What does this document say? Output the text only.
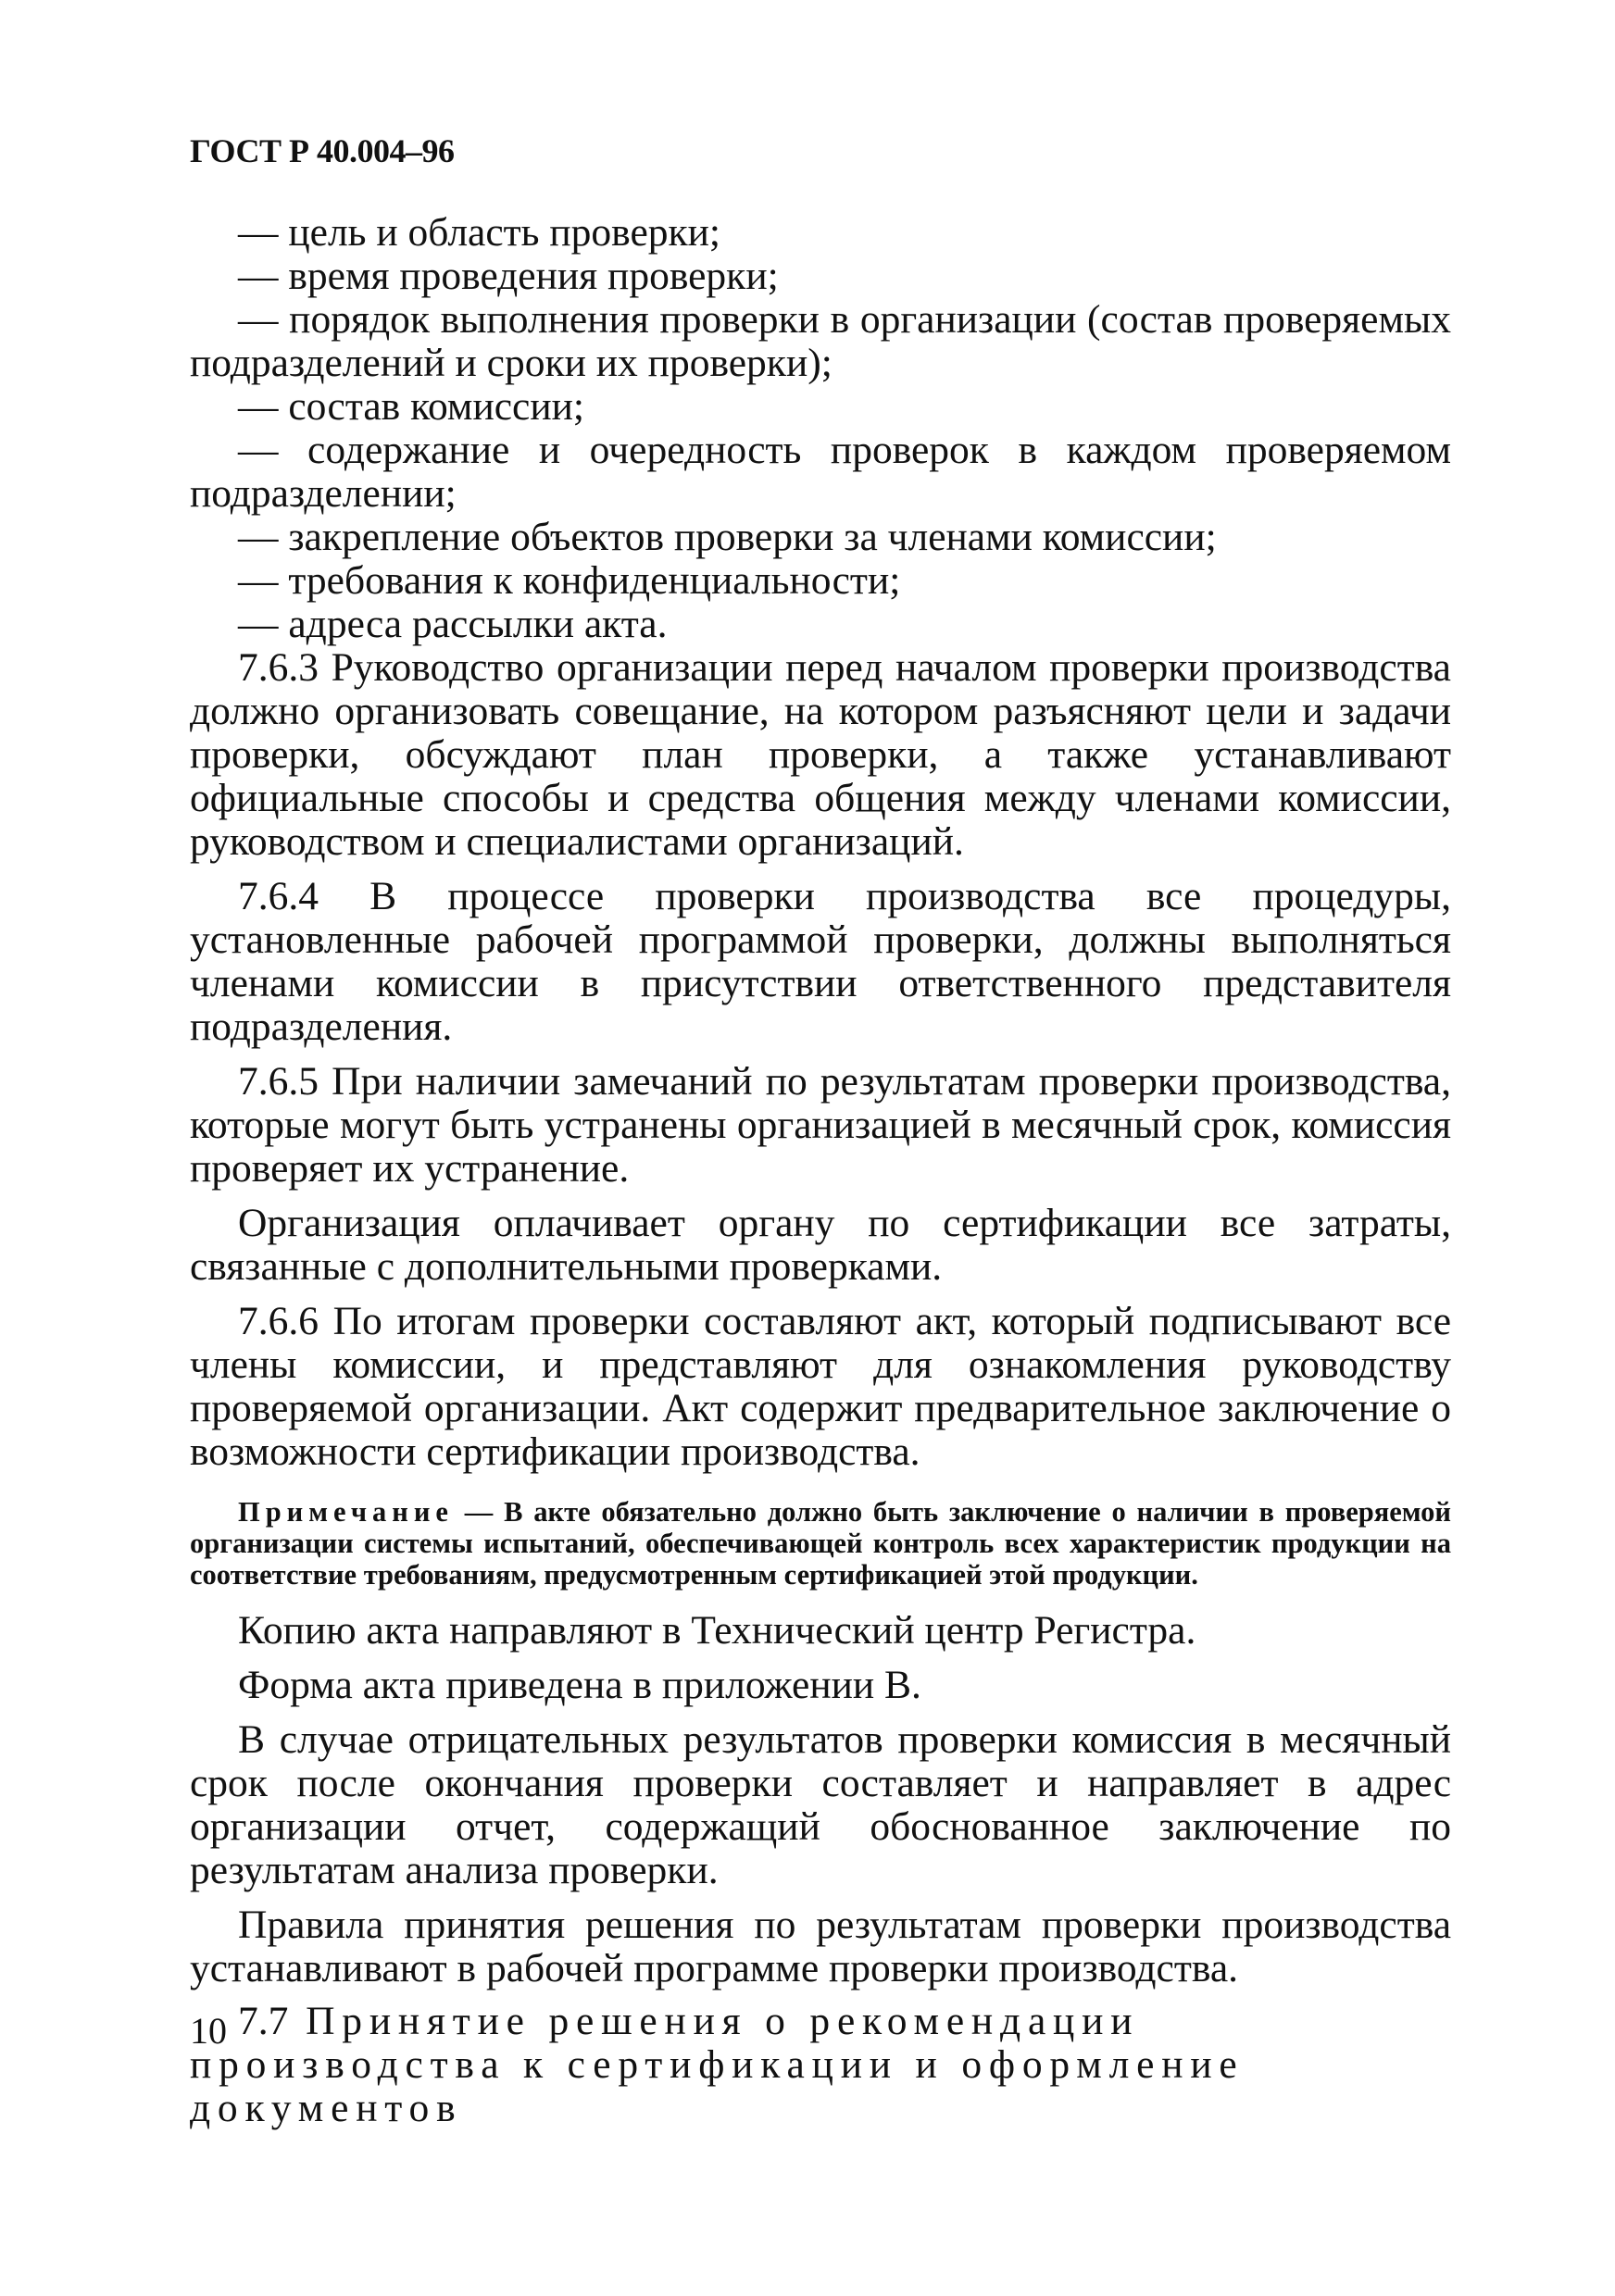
ГОСТ Р 40.004–96

— цель и область проверки;

— время проведения проверки;

— порядок выполнения проверки в организации (состав проверяемых подразделений и сроки их проверки);

— состав комиссии;

— содержание и очередность проверок в каждом проверяемом подразделении;

— закрепление объектов проверки за членами комиссии;

— требования к конфиденциальности;

— адреса рассылки акта.

7.6.3 Руководство организации перед началом проверки производства должно организовать совещание, на котором разъясняют цели и задачи проверки, обсуждают план проверки, а также устанавливают официальные способы и средства общения между членами комиссии, руководством и специалистами организаций.

7.6.4 В процессе проверки производства все процедуры, установленные рабочей программой проверки, должны выполняться членами комиссии в присутствии ответственного представителя подразделения.

7.6.5 При наличии замечаний по результатам проверки производства, которые могут быть устранены организацией в месячный срок, комиссия проверяет их устранение.

Организация оплачивает органу по сертификации все затраты, связанные с дополнительными проверками.

7.6.6 По итогам проверки составляют акт, который подписывают все члены комиссии, и представляют для ознакомления руководству проверяемой организации. Акт содержит предварительное заключение о возможности сертификации производства.

Примечание — В акте обязательно должно быть заключение о наличии в проверяемой организации системы испытаний, обеспечивающей контроль всех характеристик продукции на соответствие требованиям, предусмотренным сертификацией этой продукции.

Копию акта направляют в Технический центр Регистра.

Форма акта приведена в приложении В.

В случае отрицательных результатов проверки комиссия в месячный срок после окончания проверки составляет и направляет в адрес организации отчет, содержащий обоснованное заключение по результатам анализа проверки.

Правила принятия решения по результатам проверки производства устанавливают в рабочей программе проверки производства.

7.7 Принятие решения о рекомендации производства к сертификации и оформление документов
10
